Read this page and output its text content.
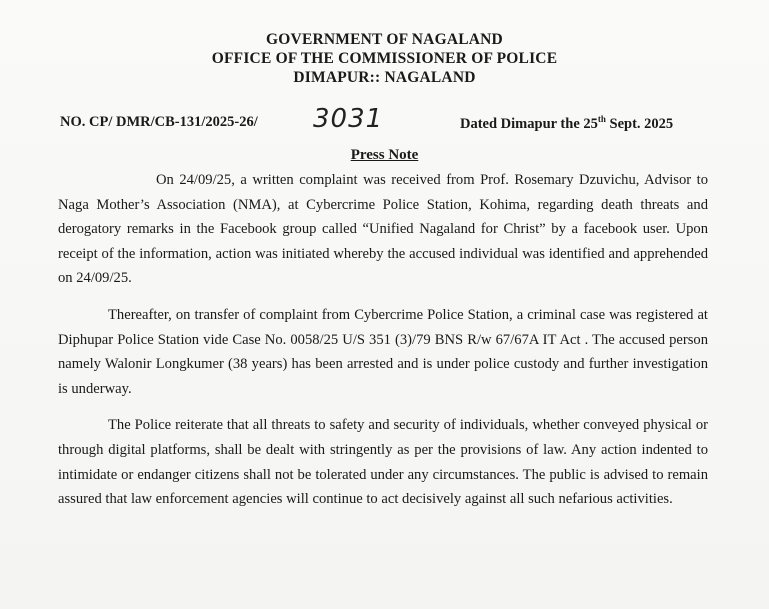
GOVERNMENT OF NAGALAND
OFFICE OF THE COMMISSIONER OF POLICE
DIMAPUR:: NAGALAND
NO. CP/ DMR/CB-131/2025-26/ 3031	Dated Dimapur the 25th Sept. 2025
Press Note

On 24/09/25, a written complaint was received from Prof. Rosemary Dzuvichu, Advisor to Naga Mother’s Association (NMA), at Cybercrime Police Station, Kohima, regarding death threats and derogatory remarks in the Facebook group called “Unified Nagaland for Christ” by a facebook user. Upon receipt of the information, action was initiated whereby the accused individual was identified and apprehended on 24/09/25.

Thereafter, on transfer of complaint from Cybercrime Police Station, a criminal case was registered at Diphupar Police Station vide Case No. 0058/25 U/S 351 (3)/79 BNS R/w 67/67A IT Act . The accused person namely Walonir Longkumer (38 years) has been arrested and is under police custody and further investigation is underway.

The Police reiterate that all threats to safety and security of individuals, whether conveyed physical or through digital platforms, shall be dealt with stringently as per the provisions of law. Any action indented to intimidate or endanger citizens shall not be tolerated under any circumstances. The public is advised to remain assured that law enforcement agencies will continue to act decisively against all such nefarious activities.
